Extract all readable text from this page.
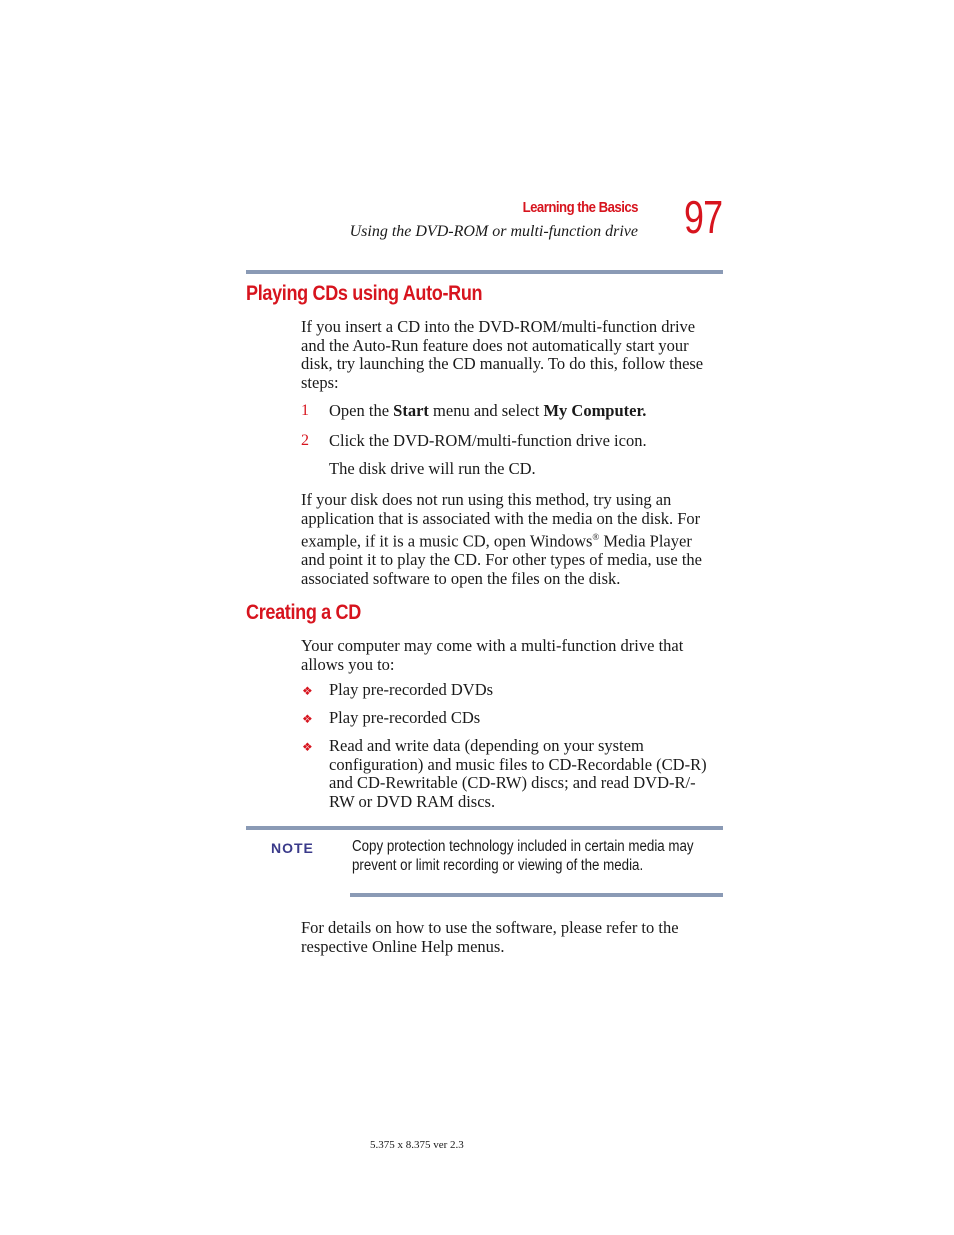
Learning the Basics
Using the DVD-ROM or multi-function drive 97
Playing CDs using Auto-Run
If you insert a CD into the DVD-ROM/multi-function drive
and the Auto-Run feature does not automatically start your
disk, try launching the CD manually. To do this, follow these
steps:
1 Open the Start menu and select My Computer.
2 Click the DVD-ROM/multi-function drive icon.
The disk drive will run the CD.
If your disk does not run using this method, try using an
application that is associated with the media on the disk. For
example, if it is a music CD, open Windows® Media Player
and point it to play the CD. For other types of media, use the
associated software to open the files on the disk.
Creating a CD
Your computer may come with a multi-function drive that
allows you to:
❖ Play pre-recorded DVDs
❖ Play pre-recorded CDs
❖ Read and write data (depending on your system
configuration) and music files to CD-Recordable (CD-R)
and CD-Rewritable (CD-RW) discs; and read DVD-R/-
RW or DVD RAM discs.
NOTE Copy protection technology included in certain media may
prevent or limit recording or viewing of the media.
For details on how to use the software, please refer to the
respective Online Help menus.
5.375 x 8.375 ver 2.3
